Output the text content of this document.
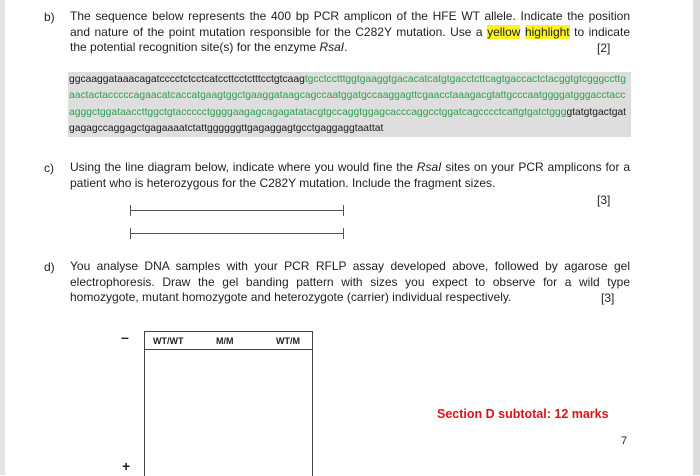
b) The sequence below represents the 400 bp PCR amplicon of the HFE WT allele. Indicate the position and nature of the point mutation responsible for the C282Y mutation. Use a yellow highlight to indicate the potential recognition site(s) for the enzyme RsaI.	[2]
ggcaaggataaacagatcccctctcctcatccttcctctttcctgtcaagtgcctcctttggtgaaggtgacacatcatgtgacctcttcagtgaccactctacggtgtcgggccttgaactactacccccagaacatcaccatgaagtggctgaaggataagcagccaatggatgccaaggagttcgaacctaaagacgtattgcccaatggggatgggacctaccagggctggataaccttggctgtaccccctggggaagagcagagatatacgtgccaggtggagcacccaggcctggatcagcccctcattgtgatctggggtatgtgactgatgagagccaggagctgagaaaatctattggggggttgagaggagtgcctgaggaggtaattat
c) Using the line diagram below, indicate where you would fine the RsaI sites on your PCR amplicons for a patient who is heterozygous for the C282Y mutation. Include the fragment sizes.
[3]
d) You analyse DNA samples with your PCR RFLP assay developed above, followed by agarose gel electrophoresis. Draw the gel banding pattern with sizes you expect to observe for a wild type homozygote, mutant homozygote and heterozygote (carrier) individual respectively.	[3]
–	WT/WT	M/M	WT/M
+
Section D subtotal: 12 marks
7
